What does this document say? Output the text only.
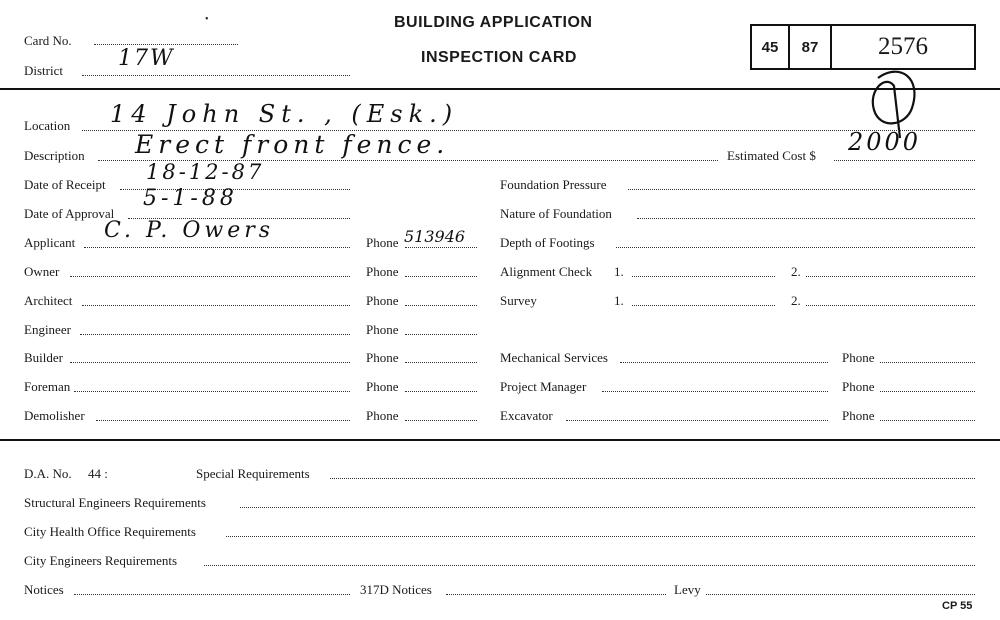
Card No.
•
District	17W
BUILDING APPLICATION
INSPECTION CARD
45	87	2576
Location 14 John St. , (Esk.)
Description Erect front fence.	Estimated Cost $ 2000
Date of Receipt
18-12-87
Date of Approval
5-1-88
Applicant C. P. Owers	Phone 513946
Owner	Phone
Architect	Phone
Engineer	Phone
Builder	Phone
Foreman	Phone
Demolisher	Phone
Foundation Pressure
Nature of Foundation
Depth of Footings
Alignment Check 1.	2.
Survey	1.	2.
Mechanical Services	Phone
Project Manager	Phone
Excavator	Phone
D.A. No. 44 :	Special Requirements
Structural Engineers Requirements
City Health Office Requirements
City Engineers Requirements
Notices	317D Notices	Levy
CP 55
